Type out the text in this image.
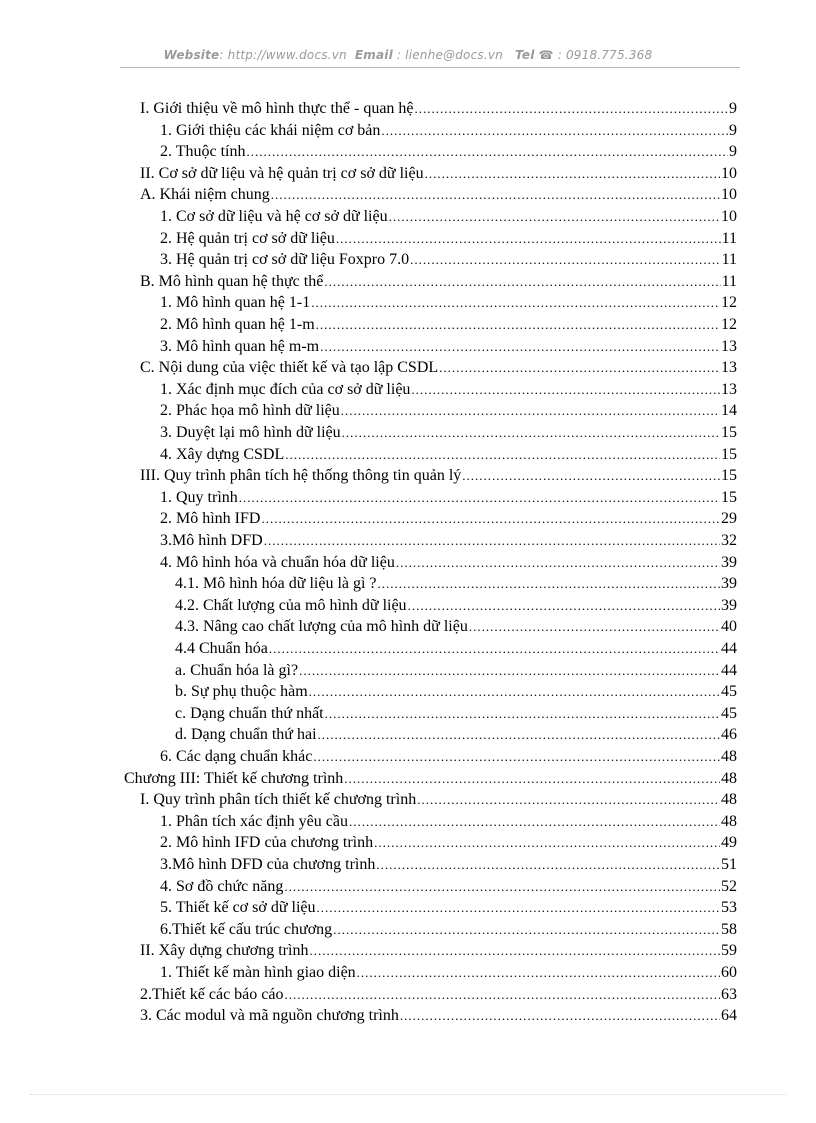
Website: http://www.docs.vn Email : lienhe@docs.vn Tel ☎ : 0918.775.368
I. Giới thiệu về mô hình thực thể - quan hệ .....	9
1. Giới thiệu các khái niệm cơ bản .....	9
2. Thuộc tính .....	9
II. Cơ sở dữ liệu và hệ quản trị cơ sở dữ liệu .....	10
A. Khái niệm chung .....	10
1. Cơ sở dữ liệu và hệ cơ sở dữ liệu .....	10
2. Hệ quản trị cơ sở dữ liệu .....	11
3. Hệ quản trị cơ sở dữ liệu Foxpro 7.0 .....	11
B. Mô hình quan hệ thực thể .....	11
1. Mô hình quan hệ 1-1 .....	12
2. Mô hình quan hệ 1-m .....	12
3. Mô hình quan hệ m-m .....	13
C. Nội dung của việc thiết kế và tạo lập CSDL .....	13
1. Xác định mục đích của cơ sở dữ liệu .....	13
2. Phác họa mô hình dữ liệu .....	14
3. Duyệt lại mô hình dữ liệu .....	15
4. Xây dựng CSDL .....	15
III. Quy trình phân tích hệ thống thông tin quản lý .....	15
1. Quy trình .....	15
2. Mô hình IFD .....	29
3.Mô hình DFD .....	32
4. Mô hình hóa và chuẩn hóa dữ liệu .....	39
4.1. Mô hình hóa dữ liệu là gì ? .....	39
4.2. Chất lượng của mô hình dữ liệu .....	39
4.3. Nâng cao chất lượng của mô hình dữ liệu .....	40
4.4 Chuẩn hóa .....	44
a. Chuẩn hóa là gì? .....	44
b. Sự phụ thuộc hàm .....	45
c. Dạng chuẩn thứ nhất .....	45
d. Dạng chuẩn thứ hai .....	46
6. Các dạng chuẩn khác .....	48
Chương III: Thiết kế chương trình .....	48
I. Quy trình phân tích thiết kế chương trình .....	48
1. Phân tích xác định yêu cầu .....	48
2. Mô hình IFD của chương trình .....	49
3.Mô hình DFD của chương trình .....	51
4. Sơ đồ chức năng .....	52
5. Thiết kế cơ sở dữ liệu .....	53
6.Thiết kế cấu trúc chương .....	58
II. Xây dựng chương trình .....	59
1. Thiết kế màn hình giao diện .....	60
2.Thiết kế các báo cáo .....	63
3. Các modul và mã nguồn chương trình .....	64
